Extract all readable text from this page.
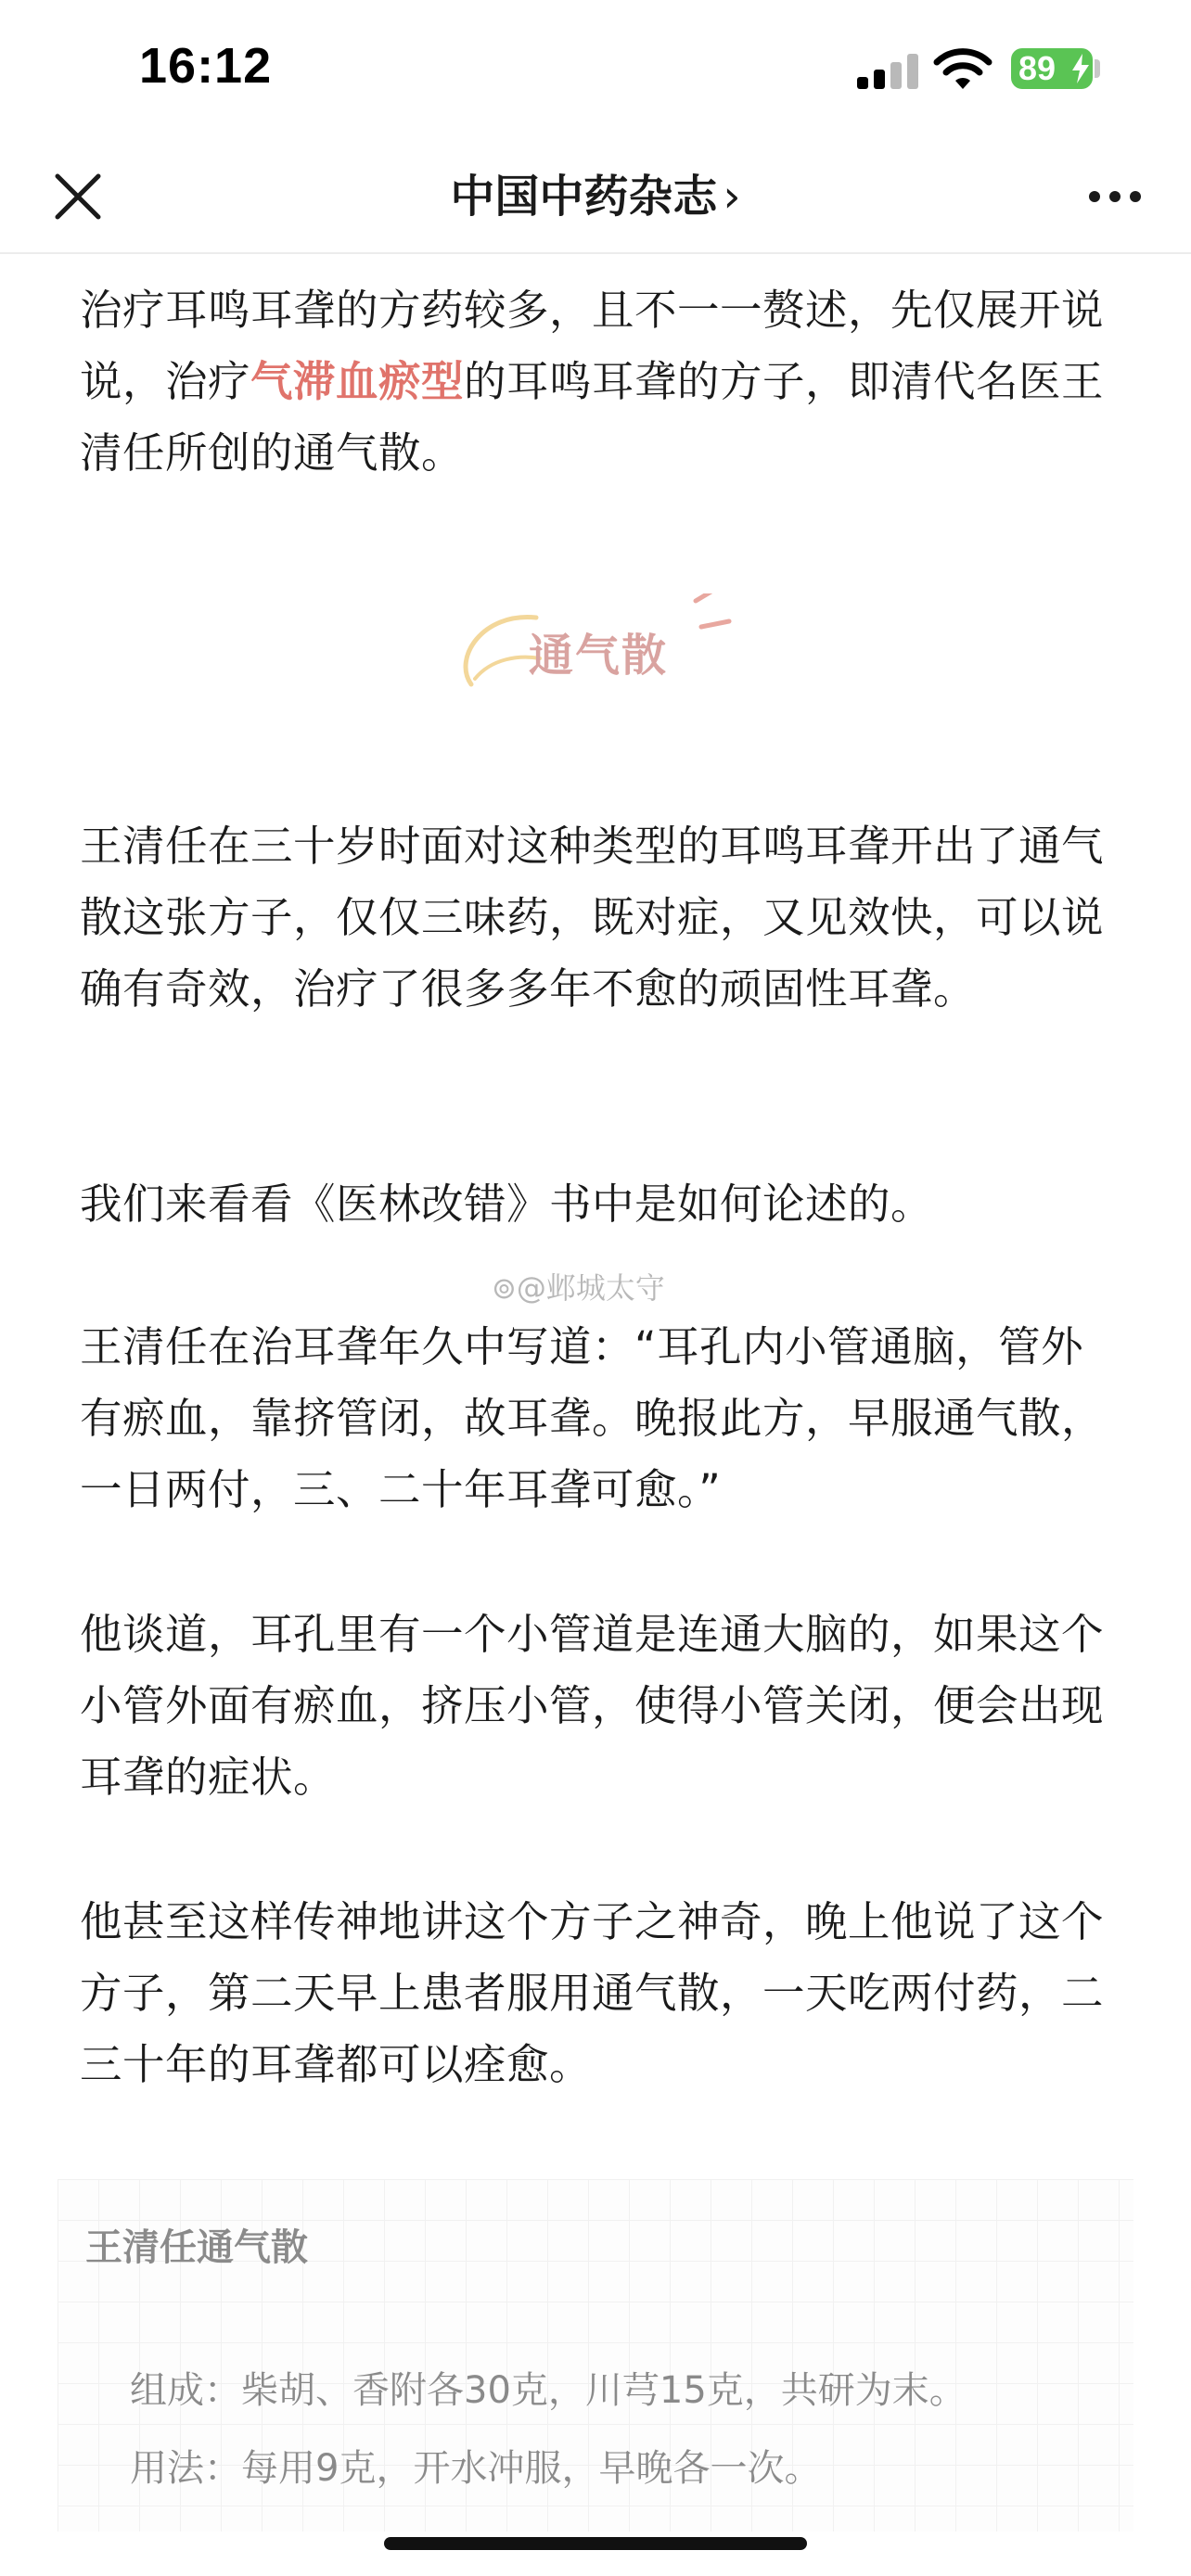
16:12	89
中国中药杂志 ›

治疗耳鸣耳聋的方药较多，且不一一赘述，先仅展开说说，治疗气滞血瘀型的耳鸣耳聋的方子，即清代名医王清任所创的通气散。

通气散

王清任在三十岁时面对这种类型的耳鸣耳聋开出了通气散这张方子，仅仅三味药，既对症，又见效快，可以说确有奇效，治疗了很多多年不愈的顽固性耳聋。

我们来看看《医林改错》书中是如何论述的。

⊚@邺城太守

王清任在治耳聋年久中写道：“耳孔内小管通脑，管外有瘀血，靠挤管闭，故耳聋。晚报此方，早服通气散，一日两付，三、二十年耳聋可愈。”

他谈道，耳孔里有一个小管道是连通大脑的，如果这个小管外面有瘀血，挤压小管，使得小管关闭，便会出现耳聋的症状。

他甚至这样传神地讲这个方子之神奇，晚上他说了这个方子，第二天早上患者服用通气散，一天吃两付药，二三十年的耳聋都可以痊愈。

王清任通气散
组成：柴胡、香附各30克，川芎15克，共研为末。
用法：每用9克，开水冲服，早晚各一次。
